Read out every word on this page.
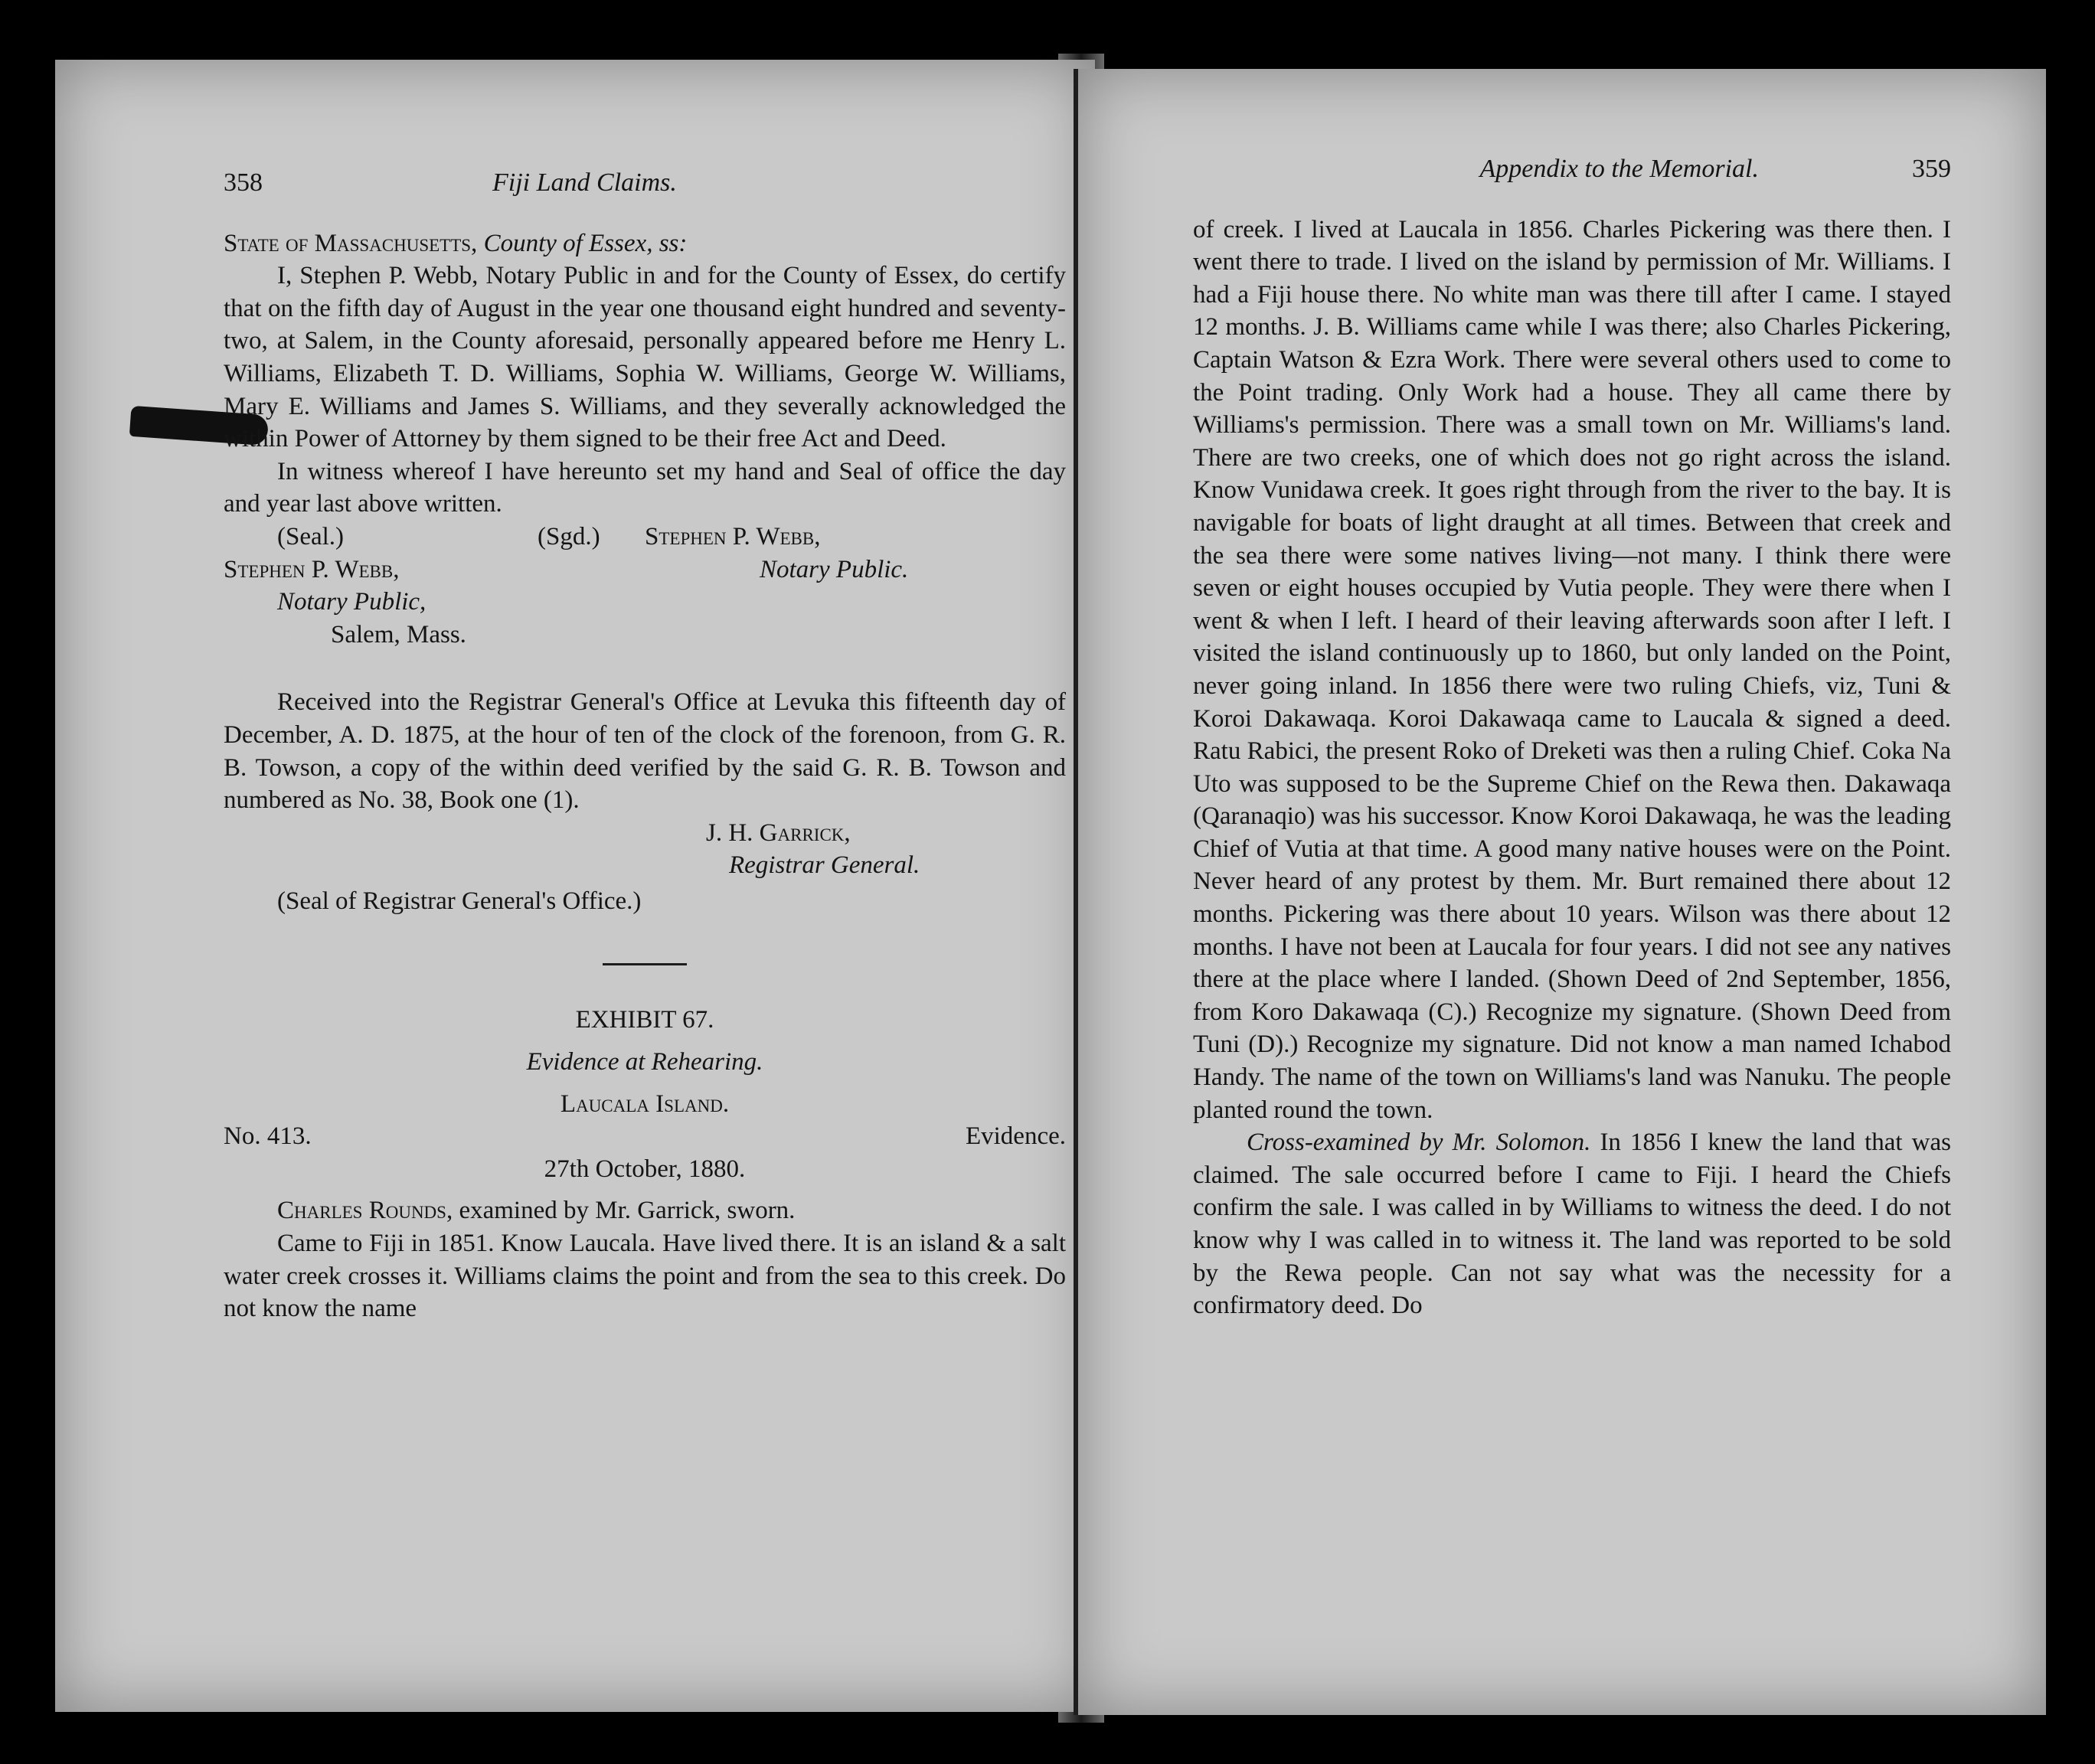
358	Fiji Land Claims.

State of Massachusetts, County of Essex, ss:

I, Stephen P. Webb, Notary Public in and for the County of Essex, do certify that on the fifth day of August in the year one thousand eight hundred and seventy-two, at Salem, in the County aforesaid, personally appeared before me Henry L. Williams, Elizabeth T. D. Williams, Sophia W. Williams, George W. Williams, Mary E. Williams and James S. Williams, and they severally acknowledged the within Power of Attorney by them signed to be their free Act and Deed.

In witness whereof I have hereunto set my hand and Seal of office the day and year last above written.

(Seal.)	(Sgd.)	Stephen P. Webb,
Stephen P. Webb,	Notary Public.
Notary Public,
Salem, Mass.

Received into the Registrar General's Office at Levuka this fifteenth day of December, A. D. 1875, at the hour of ten of the clock of the forenoon, from G. R. B. Towson, a copy of the within deed verified by the said G. R. B. Towson and numbered as No. 38, Book one (1).

J. H. Garrick,
Registrar General.
(Seal of Registrar General's Office.)
EXHIBIT 67.
Evidence at Rehearing.
Laucala Island.
No. 413.	Evidence.
27th October, 1880.

Charles Rounds, examined by Mr. Garrick, sworn.

Came to Fiji in 1851. Know Laucala. Have lived there. It is an island & a salt water creek crosses it. Williams claims the point and from the sea to this creek. Do not know the name

Appendix to the Memorial.	359

of creek. I lived at Laucala in 1856. Charles Pickering was there then. I went there to trade. I lived on the island by permission of Mr. Williams. I had a Fiji house there. No white man was there till after I came. I stayed 12 months. J. B. Williams came while I was there; also Charles Pickering, Captain Watson & Ezra Work. There were several others used to come to the Point trading. Only Work had a house. They all came there by Williams's permission. There was a small town on Mr. Williams's land. There are two creeks, one of which does not go right across the island. Know Vunidawa creek. It goes right through from the river to the bay. It is navigable for boats of light draught at all times. Between that creek and the sea there were some natives living—not many. I think there were seven or eight houses occupied by Vutia people. They were there when I went & when I left. I heard of their leaving afterwards soon after I left. I visited the island continuously up to 1860, but only landed on the Point, never going inland. In 1856 there were two ruling Chiefs, viz, Tuni & Koroi Dakawaqa. Koroi Dakawaqa came to Laucala & signed a deed. Ratu Rabici, the present Roko of Dreketi was then a ruling Chief. Coka Na Uto was supposed to be the Supreme Chief on the Rewa then. Dakawaqa (Qaranaqio) was his successor. Know Koroi Dakawaqa, he was the leading Chief of Vutia at that time. A good many native houses were on the Point. Never heard of any protest by them. Mr. Burt remained there about 12 months. Pickering was there about 10 years. Wilson was there about 12 months. I have not been at Laucala for four years. I did not see any natives there at the place where I landed. (Shown Deed of 2nd September, 1856, from Koro Dakawaqa (C).) Recognize my signature. (Shown Deed from Tuni (D).) Recognize my signature. Did not know a man named Ichabod Handy. The name of the town on Williams's land was Nanuku. The people planted round the town.

Cross-examined by Mr. Solomon. In 1856 I knew the land that was claimed. The sale occurred before I came to Fiji. I heard the Chiefs confirm the sale. I was called in by Williams to witness the deed. I do not know why I was called in to witness it. The land was reported to be sold by the Rewa people. Can not say what was the necessity for a confirmatory deed. Do
